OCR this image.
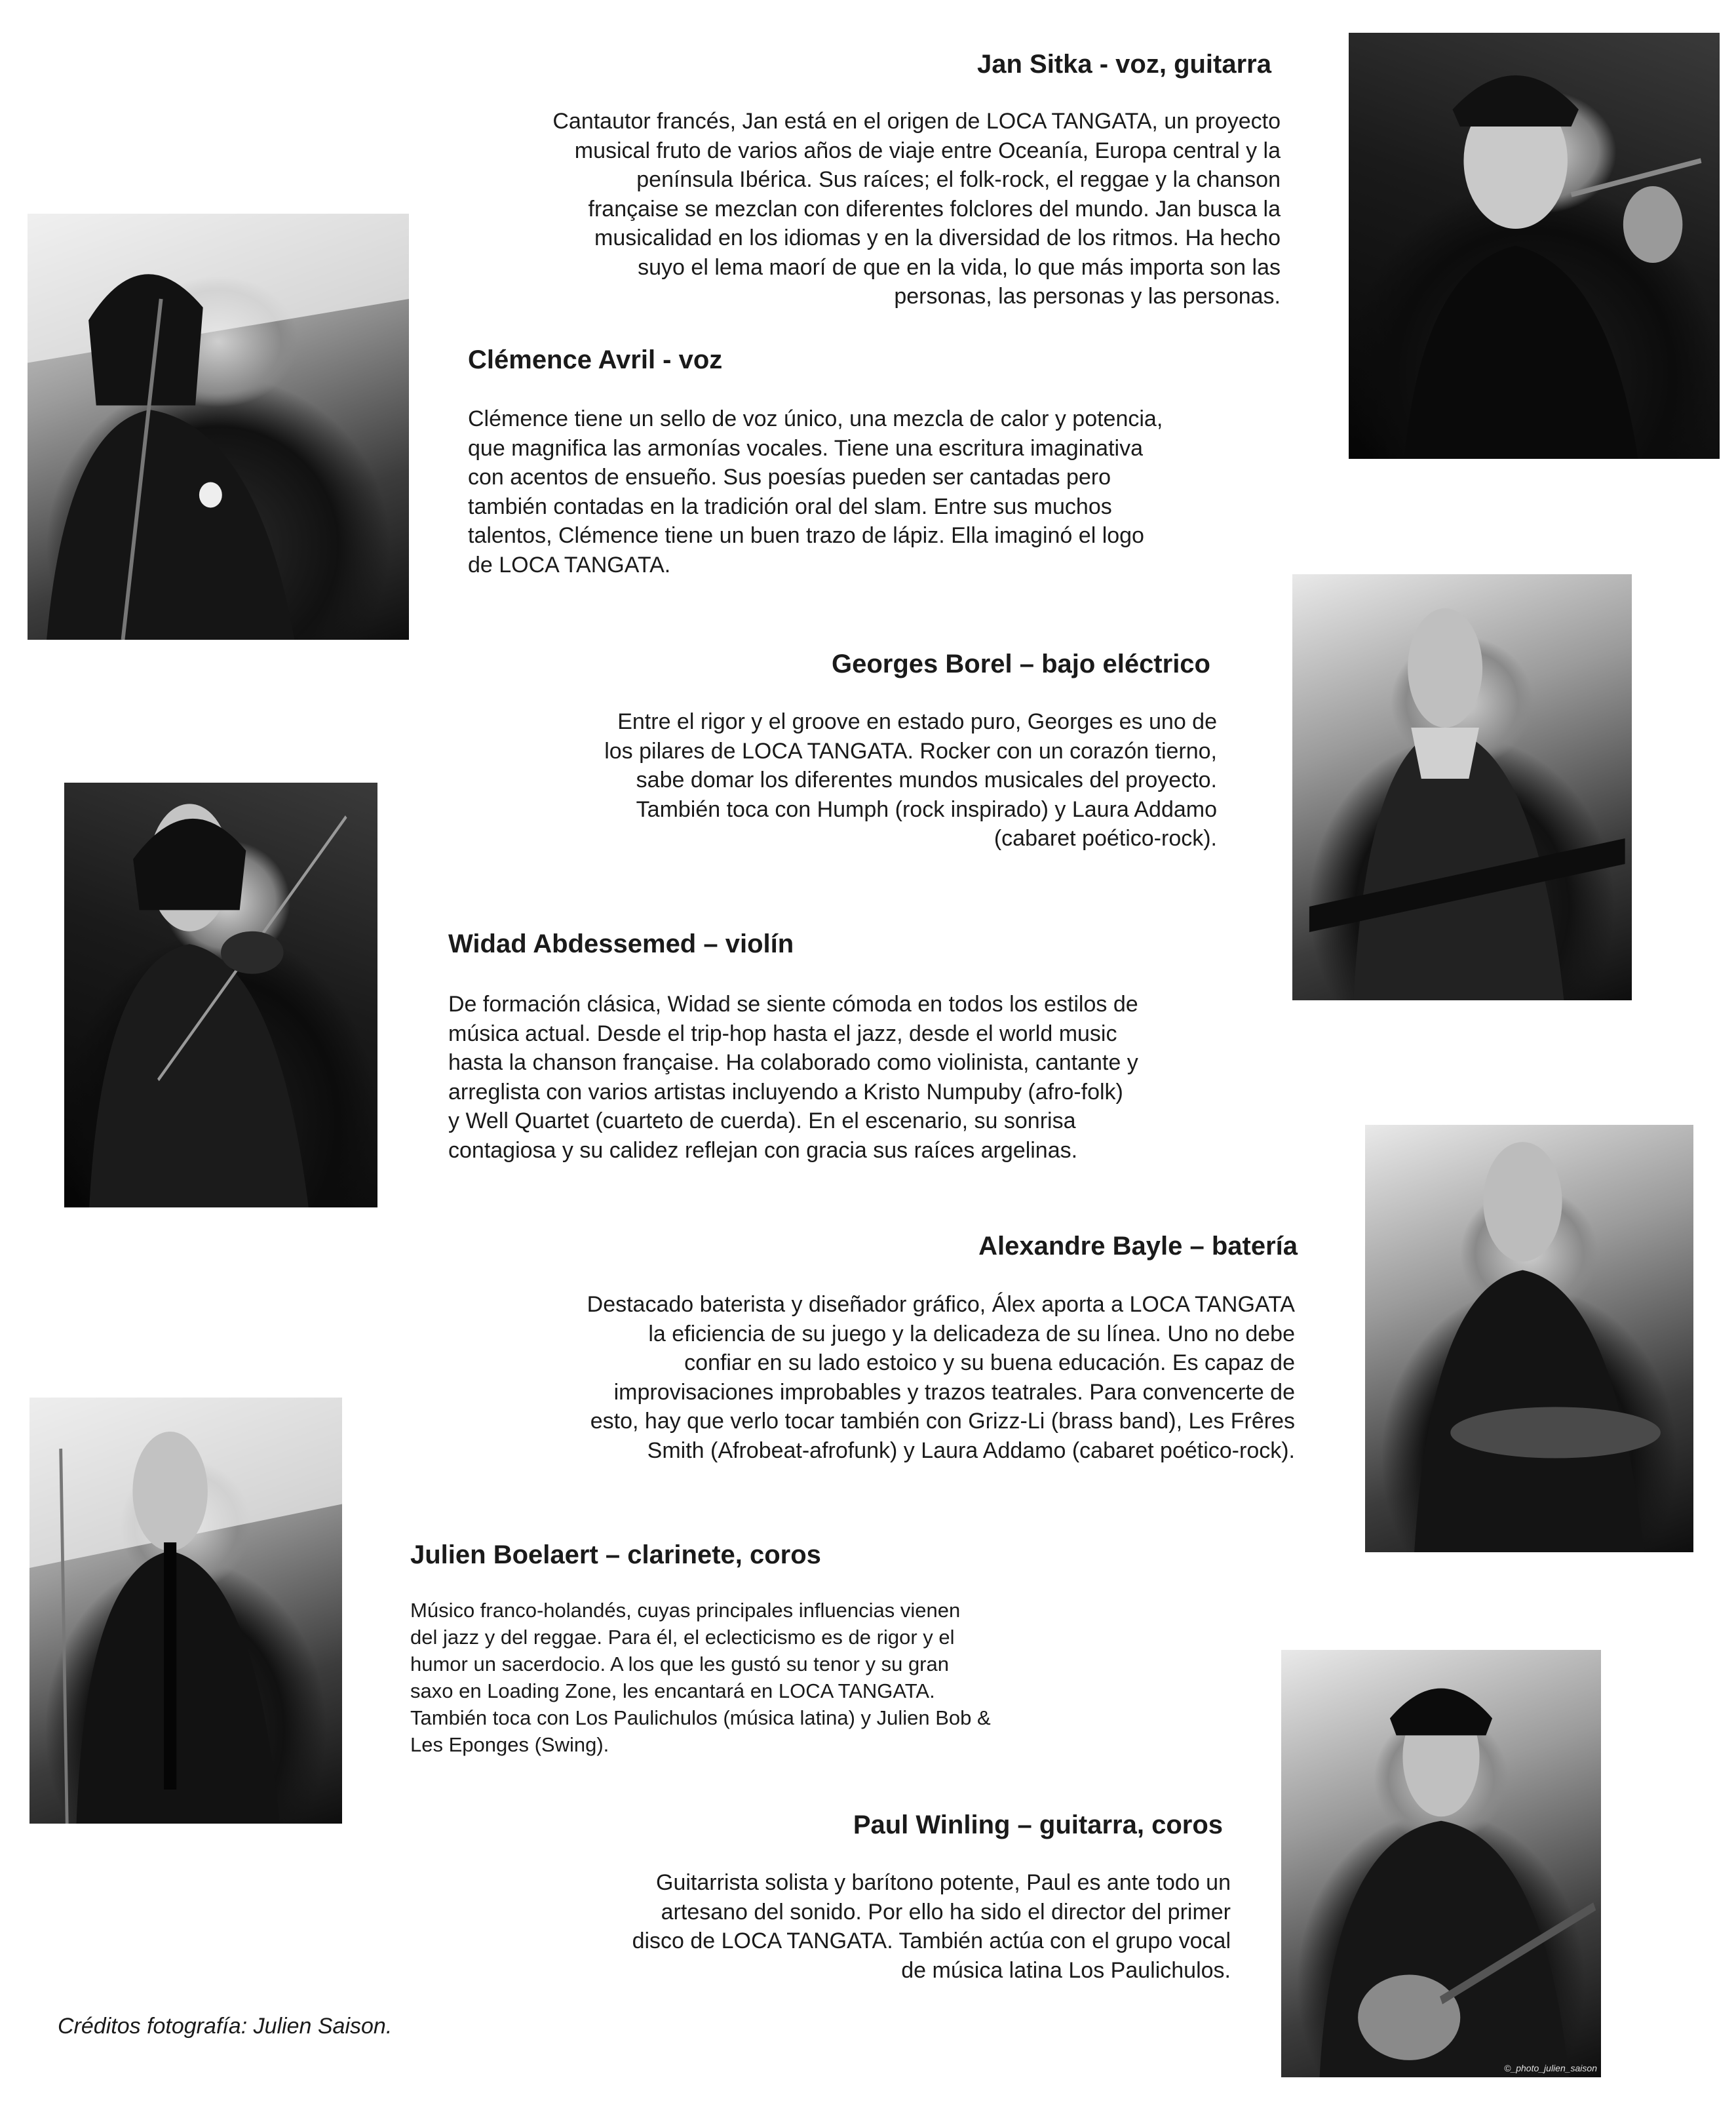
©_photo_julien_saison
Jan Sitka - voz, guitarra
Cantautor francés, Jan está en el origen de LOCA TANGATA, un proyecto
musical fruto de varios años de viaje entre Oceanía, Europa central y la
península Ibérica. Sus raíces; el folk-rock, el reggae y la chanson
française se mezclan con diferentes folclores del mundo. Jan busca la
musicalidad en los idiomas y en la diversidad de los ritmos. Ha hecho
suyo el lema maorí de que en la vida, lo que más importa son las
personas, las personas y las personas.
Clémence Avril - voz
Clémence tiene un sello de voz único, una mezcla de calor y potencia,
que magnifica las armonías vocales. Tiene una escritura imaginativa
con acentos de ensueño. Sus poesías pueden ser cantadas pero
también contadas en la tradición oral del slam. Entre sus muchos
talentos, Clémence tiene un buen trazo de lápiz. Ella imaginó el logo
de LOCA TANGATA.
Georges Borel – bajo eléctrico
Entre el rigor y el groove en estado puro, Georges es uno de
los pilares de LOCA TANGATA. Rocker con un corazón tierno,
sabe domar los diferentes mundos musicales del proyecto.
También toca con Humph (rock inspirado) y Laura Addamo
(cabaret poético-rock).
Widad Abdessemed – violín
De formación clásica, Widad se siente cómoda en todos los estilos de
música actual. Desde el trip-hop hasta el jazz, desde el world music
hasta la chanson française. Ha colaborado como violinista, cantante y
arreglista con varios artistas incluyendo a Kristo Numpuby (afro-folk)
y Well Quartet (cuarteto de cuerda). En el escenario, su sonrisa
contagiosa y su calidez reflejan con gracia sus raíces argelinas.
Alexandre Bayle – batería
Destacado baterista y diseñador gráfico, Álex aporta a LOCA TANGATA
la eficiencia de su juego y la delicadeza de su línea. Uno no debe
confiar en su lado estoico y su buena educación. Es capaz de
improvisaciones improbables y trazos teatrales. Para convencerte de
esto, hay que verlo tocar también con Grizz-Li (brass band), Les Frêres
Smith (Afrobeat-afrofunk) y Laura Addamo (cabaret poético-rock).
Julien Boelaert – clarinete, coros
Músico franco-holandés, cuyas principales influencias vienen
del jazz y del reggae. Para él, el eclecticismo es de rigor y el
humor un sacerdocio. A los que les gustó su tenor y su gran
saxo en Loading Zone, les encantará en LOCA TANGATA.
También toca con Los Paulichulos (música latina) y Julien Bob &
Les Eponges (Swing).
Paul Winling – guitarra, coros
Guitarrista solista y barítono potente, Paul es ante todo un
artesano del sonido. Por ello ha sido el director del primer
disco de LOCA TANGATA. También actúa con el grupo vocal
de música latina Los Paulichulos.
Créditos fotografía: Julien Saison.
